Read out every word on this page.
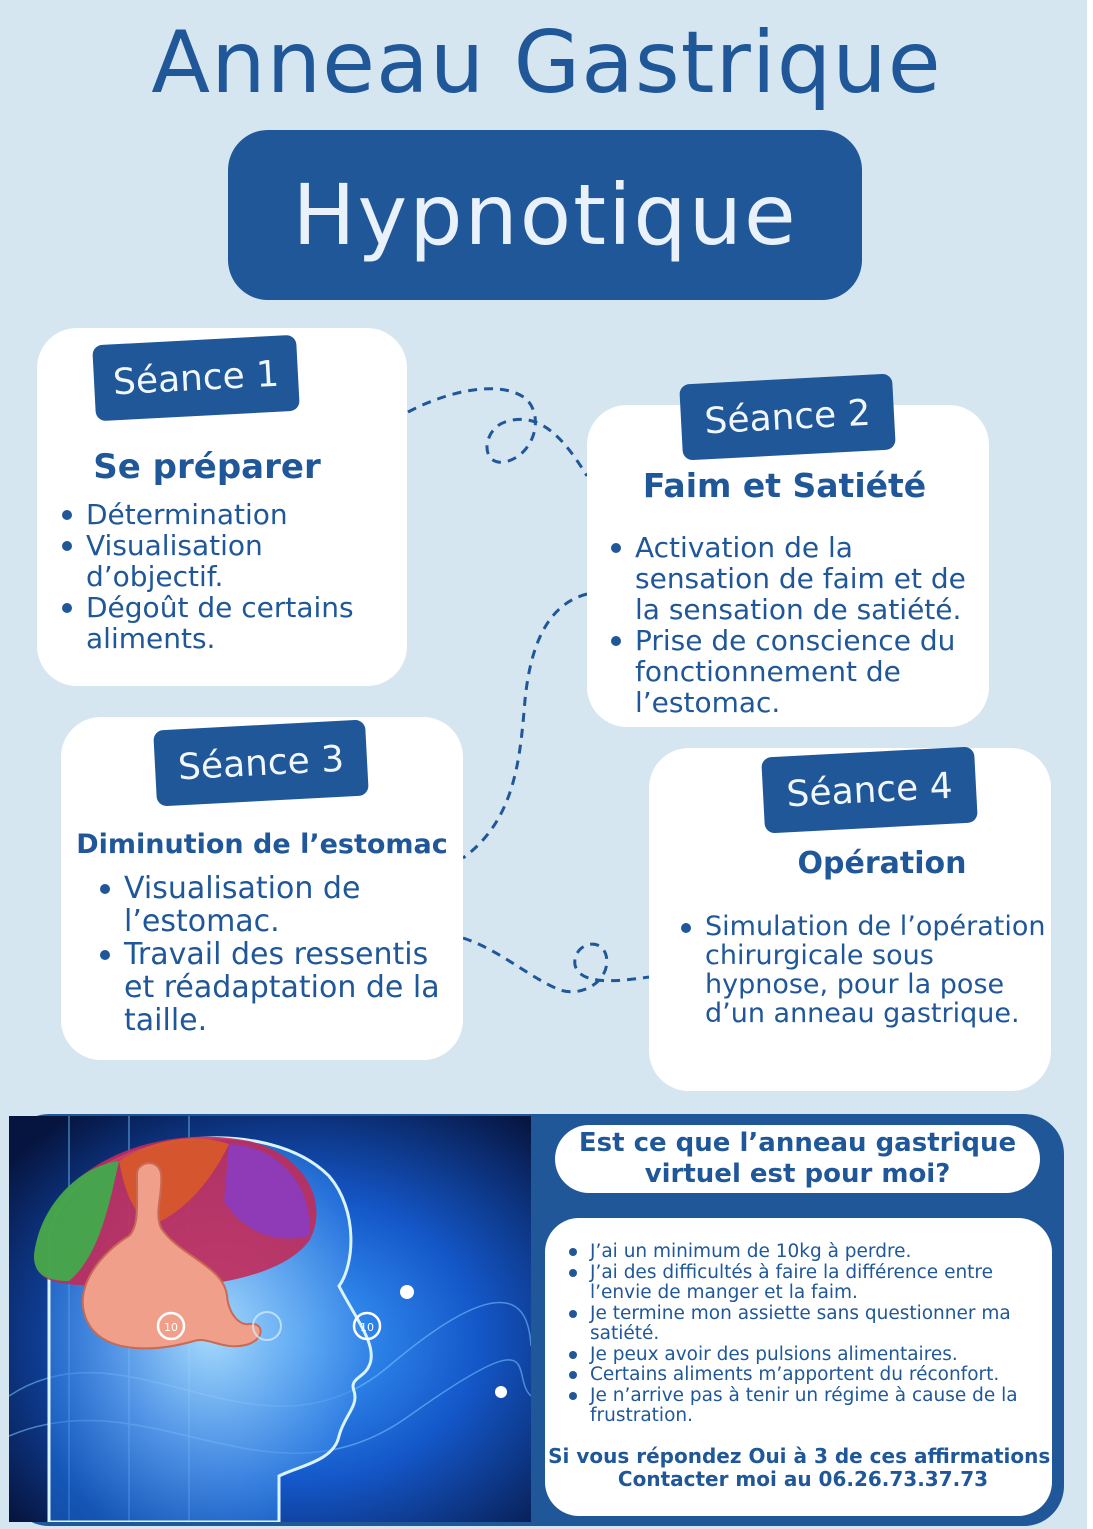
Anneau Gastrique
Hypnotique
Séance 1
Se préparer
Détermination
Visualisation d’objectif.
Dégoût de certains aliments.
Séance 2
Faim et Satiété
Activation de la sensation de faim et de la sensation de satiété.
Prise de conscience du fonctionnement de l’estomac.
Séance 3
Diminution de l’estomac
Visualisation de l’estomac.
Travail des ressentis et réadaptation de la taille.
Séance 4
Opération
Simulation de l’opération chirurgicale sous hypnose, pour la pose d’un anneau gastrique.
10	10
Est ce que l’anneau gastrique virtuel est pour moi?
J’ai un minimum de 10kg à perdre.
J’ai des difficultés à faire la différence entre l’envie de manger et la faim.
Je termine mon assiette sans questionner ma satiété.
Je peux avoir des pulsions alimentaires.
Certains aliments m’apportent du réconfort.
Je n’arrive pas à tenir un régime à cause de la frustration.

Si vous répondez Oui à 3 de ces affirmations.
Contacter moi au 06.26.73.37.73
